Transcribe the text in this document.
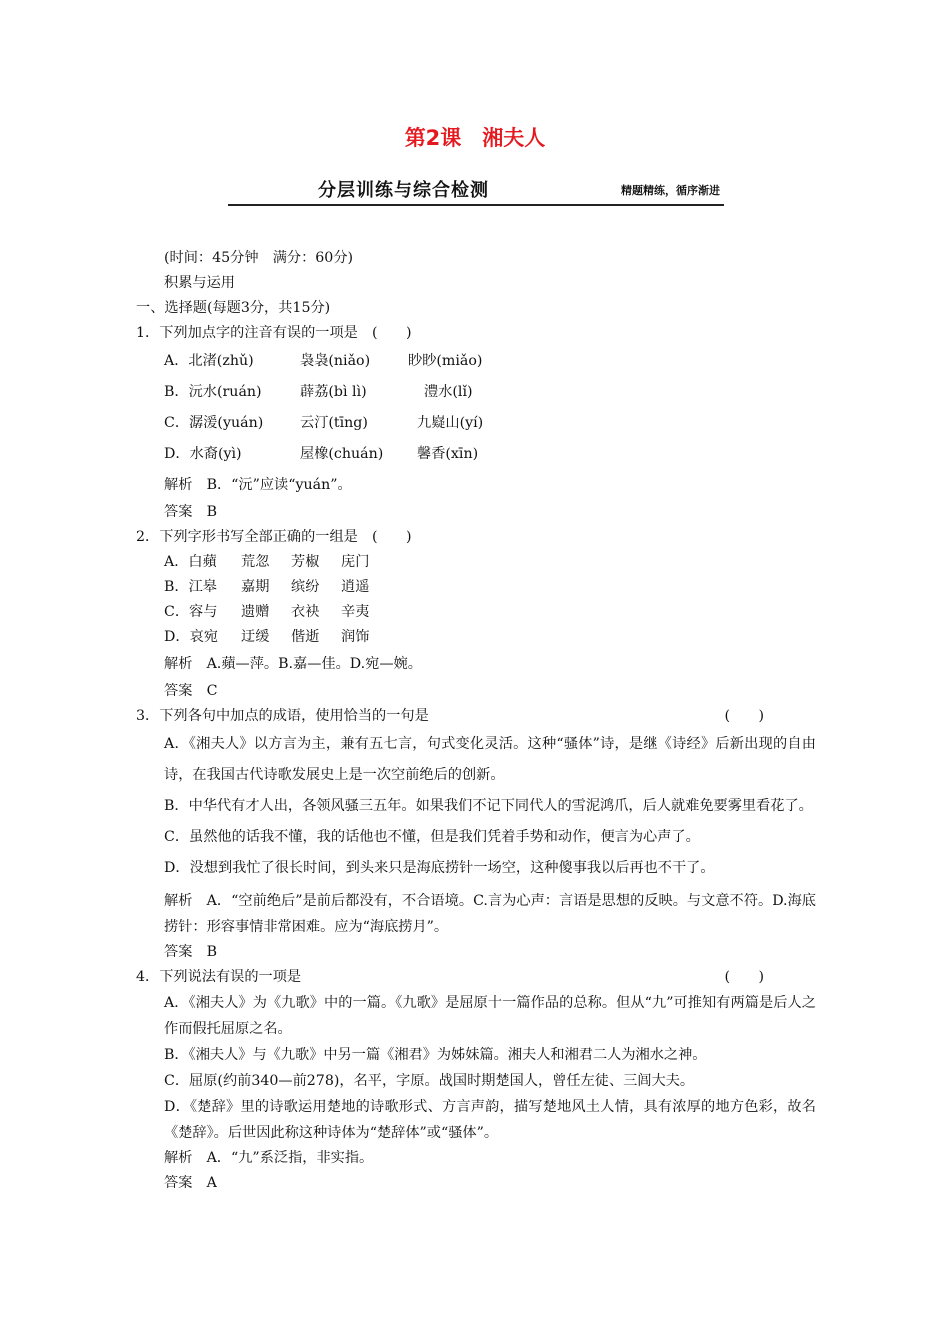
第2课　湘夫人
分层训练与综合检测	精题精练，循序渐进
(时间：45分钟　满分：60分)
积累与运用
一、选择题(每题3分，共15分)
1．下列加点字的注音有误的一项是　(　　)
A．北渚(zhǔ)	袅袅(niǎo)	眇眇(miǎo)
B．沅水(ruán)	薜荔(bì lì)	澧水(lǐ)
C．潺湲(yuán)	云汀(tīng)	九嶷山(yí)
D．水裔(yì)	屋橡(chuán)	馨香(xīn)
解析　B．“沅”应读“yuán”。
答案　B
2．下列字形书写全部正确的一组是　(　　)
A．白蘋	荒忽	芳椒	庑门
B．江皋	嘉期	缤纷	逍遥
C．容与	遗赠	衣袂	辛夷
D．哀宛	迂缓	偕逝	润饰
解析　A.蘋—萍。B.嘉—佳。D.宛—婉。
答案　C
3．下列各句中加点的成语，使用恰当的一句是	(　　)
A．《湘夫人》以方言为主，兼有五七言，句式变化灵活。这种“骚体”诗，是继《诗经》后新出现的自由诗，在我国古代诗歌发展史上是一次空前绝后的创新。
B．中华代有才人出，各领风骚三五年。如果我们不记下同代人的雪泥鸿爪，后人就难免要雾里看花了。
C．虽然他的话我不懂，我的话他也不懂，但是我们凭着手势和动作，便言为心声了。
D．没想到我忙了很长时间，到头来只是海底捞针一场空，这种傻事我以后再也不干了。
解析　A．“空前绝后”是前后都没有，不合语境。C.言为心声：言语是思想的反映。与文意不符。D.海底捞针：形容事情非常困难。应为“海底捞月”。
答案　B
4．下列说法有误的一项是	(　　)
A．《湘夫人》为《九歌》中的一篇。《九歌》是屈原十一篇作品的总称。但从“九”可推知有两篇是后人之作而假托屈原之名。
B．《湘夫人》与《九歌》中另一篇《湘君》为姊妹篇。湘夫人和湘君二人为湘水之神。
C．屈原(约前340—前278)，名平，字原。战国时期楚国人，曾任左徒、三闾大夫。
D．《楚辞》里的诗歌运用楚地的诗歌形式、方言声韵，描写楚地风土人情，具有浓厚的地方色彩，故名《楚辞》。后世因此称这种诗体为“楚辞体”或“骚体”。
解析　A．“九”系泛指，非实指。
答案　A
